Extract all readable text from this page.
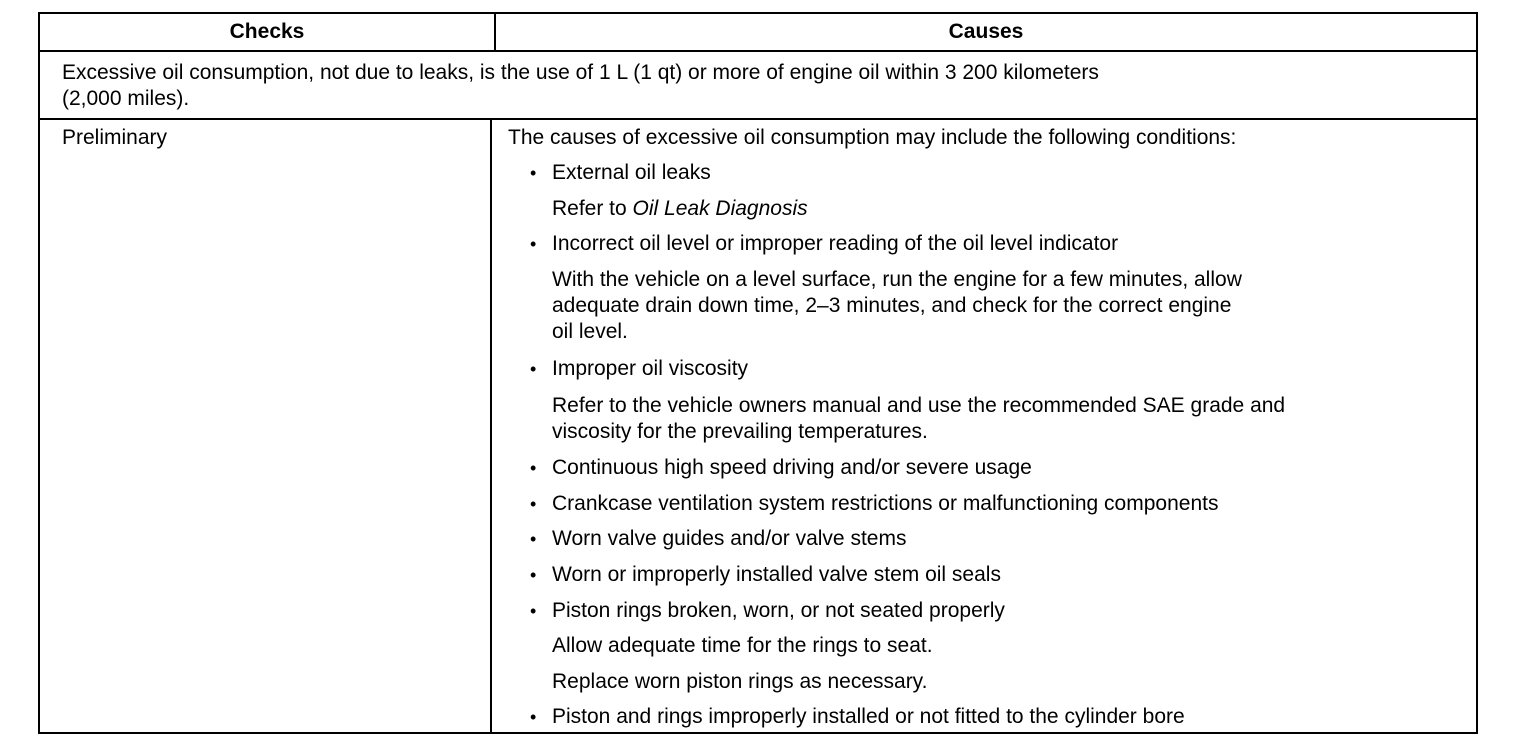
Checks	Causes
Excessive oil consumption, not due to leaks, is the use of 1 L (1 qt) or more of engine oil within 3 200 kilometers
(2,000 miles).
Preliminary	The causes of excessive oil consumption may include the following conditions:
• External oil leaks
Refer to Oil Leak Diagnosis
• Incorrect oil level or improper reading of the oil level indicator
With the vehicle on a level surface, run the engine for a few minutes, allow
adequate drain down time, 2–3 minutes, and check for the correct engine
oil level.
• Improper oil viscosity
Refer to the vehicle owners manual and use the recommended SAE grade and
viscosity for the prevailing temperatures.
• Continuous high speed driving and/or severe usage
• Crankcase ventilation system restrictions or malfunctioning components
• Worn valve guides and/or valve stems
• Worn or improperly installed valve stem oil seals
• Piston rings broken, worn, or not seated properly
Allow adequate time for the rings to seat.
Replace worn piston rings as necessary.
• Piston and rings improperly installed or not fitted to the cylinder bore
